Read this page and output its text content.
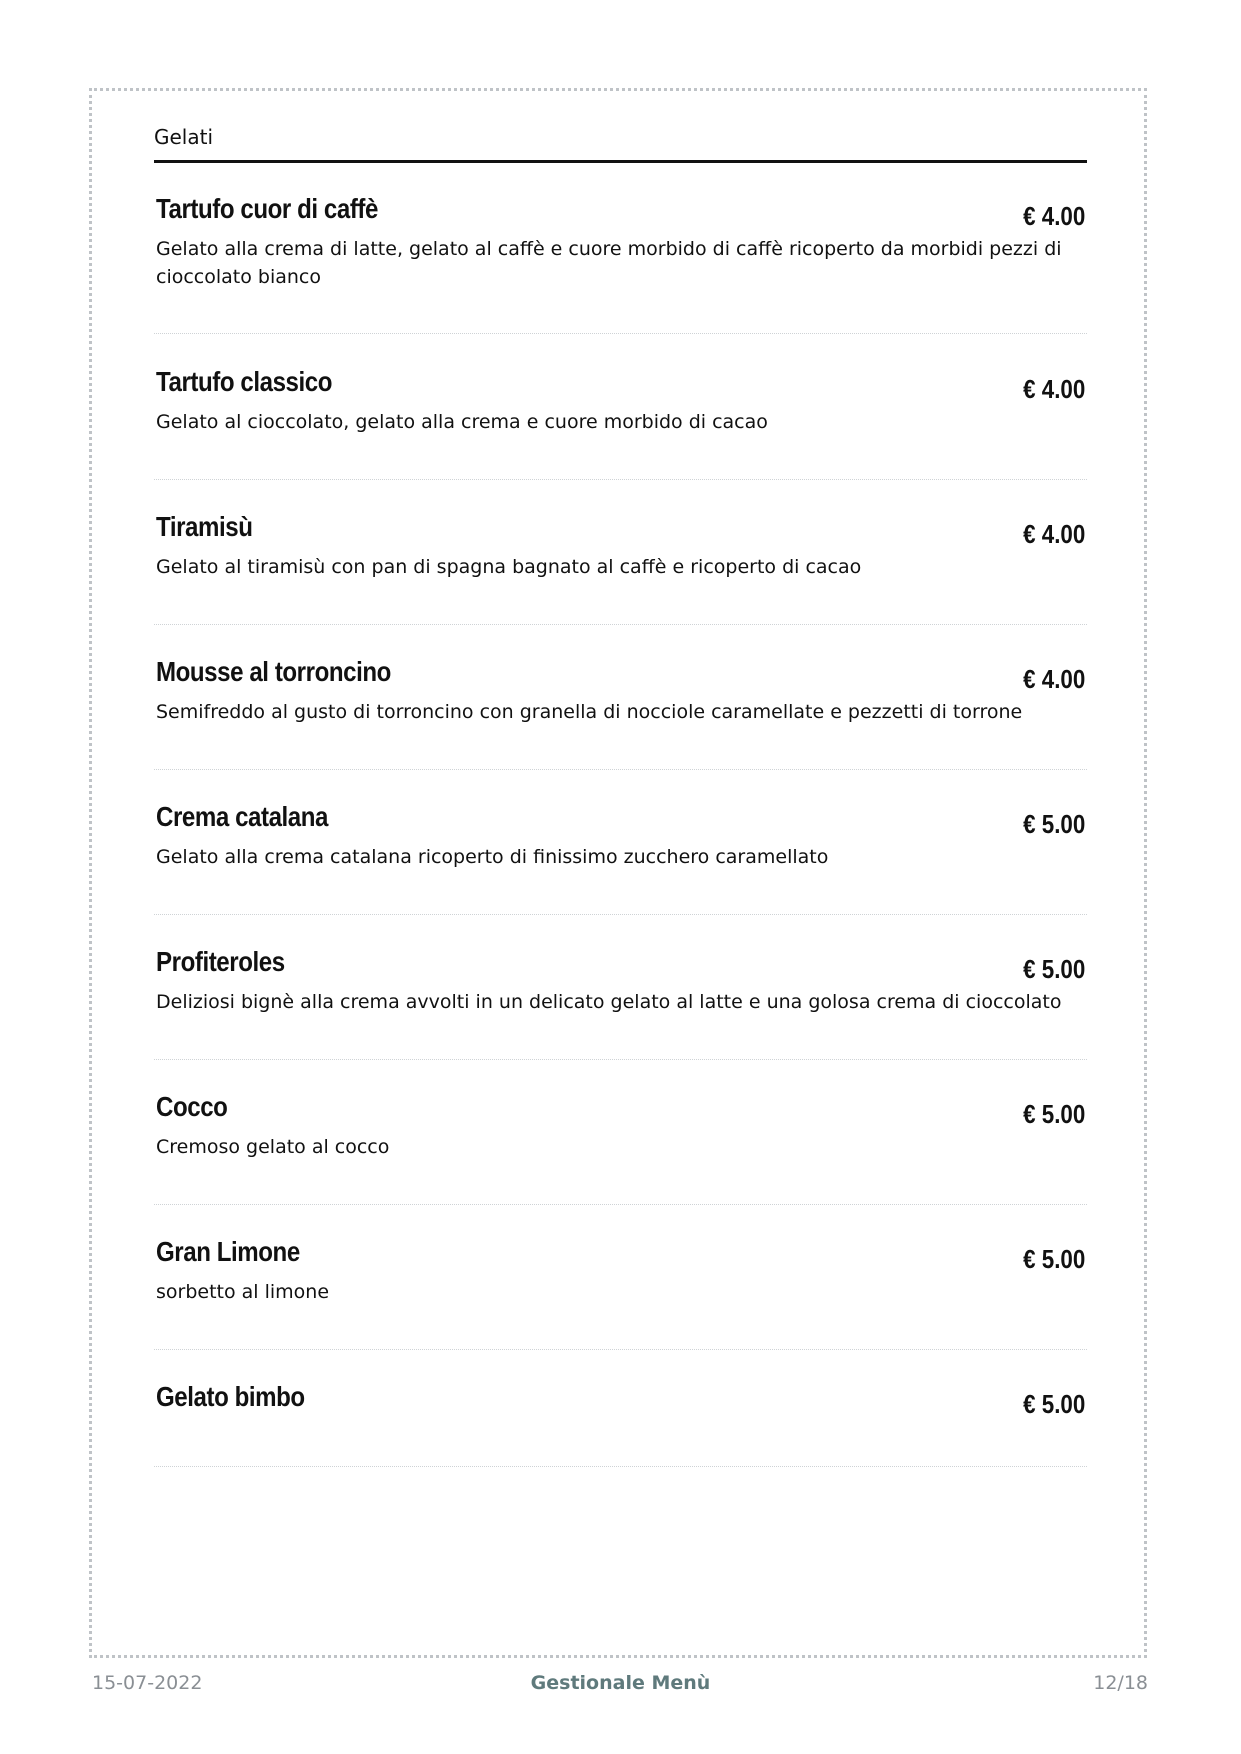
Gelati
Tartufo cuor di caffè	€ 4.00
Gelato alla crema di latte, gelato al caffè e cuore morbido di caffè ricoperto da morbidi pezzi di cioccolato bianco
Tartufo classico	€ 4.00
Gelato al cioccolato, gelato alla crema e cuore morbido di cacao
Tiramisù	€ 4.00
Gelato al tiramisù con pan di spagna bagnato al caffè e ricoperto di cacao
Mousse al torroncino	€ 4.00
Semifreddo al gusto di torroncino con granella di nocciole caramellate e pezzetti di torrone
Crema catalana	€ 5.00
Gelato alla crema catalana ricoperto di finissimo zucchero caramellato
Profiteroles	€ 5.00
Deliziosi bignè alla crema avvolti in un delicato gelato al latte e una golosa crema di cioccolato
Cocco	€ 5.00
Cremoso gelato al cocco
Gran Limone	€ 5.00
sorbetto al limone
Gelato bimbo	€ 5.00
15-07-2022	Gestionale Menù	12/18
